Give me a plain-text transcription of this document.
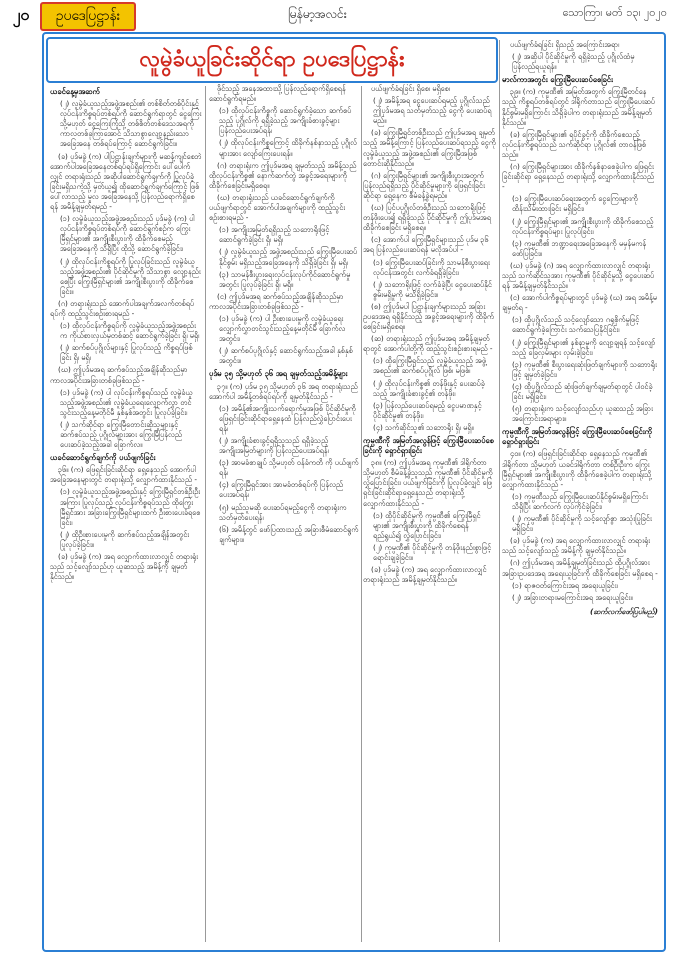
၂၀	ဥပဒေပြဋ္ဌာန်း	မြန်မာ့အလင်း	သောကြာ၊ မတ် ၁၃၊ ၂၀၂၀
လူမွဲခံယူခြင်းဆိုင်ရာ ဥပဒေပြဋ္ဌာန်း
ယခင်နေ့မှအဆက်
(၂) လူမွဲခံယူသည့်အဖွဲ့အစည်း၏ တစ်စိတ်တစ်ပိုင်းနှင့် လုပ်ငန်းကိစ္စရပ်တစ်ရပ်ကို ဆောင်ရွက်ရာတွင် ငွေကြေးသို့မဟုတ် ငွေကြေးကြုံသို့ တစ်စိတ်တစ်ဒေသအရကိုကာလတစ်ခုကြာအောင် သိသာစွာလျော့နည်းသော အခြေအနေ တစ်ရပ်ကြောင့် ဆောင်ရွက်ခြင်း။
(ခ) ပုဒ်မခွဲ (က) ပါပြဋ္ဌာန်းချက်များကို မဆန့်ကျင်စေဘဲ အောက်ပါအခြေအနေတစ်ရပ်ရပ်ရှိကြောင်း ပေါ်ပေါက်လျှင် တရားရုံးသည် အဆိုပါဆောင်ရွက်ချက်ကို ပြုလုပ်ခဲ့ခြင်းမရှိသကဲ့သို့ မှတ်ယူ၍ ထိုဆောင်ရွက်ချက်ကြောင့် ဖြစ်ပေါ်လာသည့် မူလ အခြေအနေသို့ ပြန်လည်ရောက်ရှိစေရန် အမိန့်ချမှတ်ရမည် -
(၁) လူမွဲခံယူသည့်အဖွဲ့အစည်းသည် ပုဒ်မခွဲ (က) ပါ လုပ်ငန်းကိစ္စရပ်တစ်ရပ်ကို ဆောင်ရွက်စဉ်က ကြွေးမြီရှင်များ၏ အကျိုးစီးပွားကို ထိခိုက်စေမည့် အခြေအနေကို သိရှိပြီး ထိုသို့ ဆောင်ရွက်ခဲ့ခြင်း၊
(၂) ထိုလုပ်ငန်းကိစ္စရပ်ကို ပြုလုပ်ခြင်းသည် လူမွဲခံယူသည့်အဖွဲ့အစည်း၏ ပိုင်ဆိုင်မှုကို သိသာစွာ လျော့နည်းစေပြီး ကြွေးမြီရှင်များ၏ အကျိုးစီးပွားကို ထိခိုက်စေခြင်း။
(ဂ) တရားရုံးသည် အောက်ပါအချက်အလက်တစ်ရပ်ရပ်ကို ထည့်သွင်းစဉ်းစားရမည် -
(၁) ထိုလုပ်ငန်းကိစ္စရပ်ကို လူမွဲခံယူသည့်အဖွဲ့အစည်းက ကိုယ်စားလှယ်မှတစ်ဆင့် ဆောင်ရွက်ခဲ့ခြင်း ရှိ၊ မရှိ၊
(၂) ဆက်စပ်ပုဂ္ဂိုလ်များနှင့် ပြုလုပ်သည့် ကိစ္စရပ်ဖြစ်ခြင်း ရှိ၊ မရှိ၊
(ဃ) ဤပုဒ်မအရ ဆက်စပ်သည့်အချိန်ဆိုသည်မှာ ကာလအပိုင်းအခြားတစ်ခုဖြစ်သည် -
(၁) ပုဒ်မခွဲ (က) ပါ လုပ်ငန်းကိစ္စရပ်သည် လူမွဲခံယူသည့်အဖွဲ့အစည်း၏ လူမွဲခံယူရေးလျှောက်လွှာ တင်သွင်းသည့်နေ့မတိုင်မီ နှစ်နှစ်အတွင်း ပြုလုပ်ခဲ့ခြင်း၊
(၂) သက်ဆိုင်ရာ ကြွေးမြီတောင်းဆိုသူများနှင့် ဆက်စပ်သည့် ပုဂ္ဂိုလ်များအား ကြွေးမြီပြန်လည်ပေးဆပ်ခဲ့သည့်အခါ ခြောက်လ။
ယခင်ဆောင်ရွက်ချက်ကို ပယ်ဖျက်ခြင်း
၃၆။ (က) ဖြေရှင်းခြင်းဆိုင်ရာ ရှေ့နေသည် အောက်ပါအခြေအနေများတွင် တရားရုံးသို့ လျှောက်ထားနိုင်သည် -
(၁) လူမွဲခံယူသည့်အဖွဲ့အစည်းနှင့် ကြွေးမြီရှင်တစ်ဦးဦးအကြား ပြုလုပ်သည့် လုပ်ငန်းကိစ္စရပ်သည် ထိုကြွေးမြီရှင်အား အခြားကြွေးမြီရှင်များထက် ဦးစားပေးခံရစေခြင်း၊
(၂) ထိုဦးစားပေးမှုကို ဆက်စပ်သည့်အချိန်အတွင်း ပြုလုပ်ခဲ့ခြင်း။
(ခ) ပုဒ်မခွဲ (က) အရ လျှောက်ထားလာလျှင် တရားရုံးသည် သင့်လျော်သည်ဟု ယူဆသည့် အမိန့်ကို ချမှတ်နိုင်သည်။
ဖိုင်သည့် အနေအထားသို့ ပြန်လည်ရောက်ရှိစေရန် ဆောင်ရွက်ရမည်။
(၁) ထိုလုပ်ငန်းကိစ္စကို ဆောင်ရွက်ခဲ့သော ဆက်စပ်သည့် ပုဂ္ဂိုလ်ကို ရရှိခဲ့သည့် အကျိုးခံစားခွင့်များ ပြန်လည်ပေးအပ်ရန်၊
(၂) ထိုလုပ်ငန်းကိစ္စကြောင့် ထိခိုက်နစ်နာသည့် ပုဂ္ဂိုလ်များအား လျော်ကြေးပေးရန်။
(ဂ) တရားရုံးက ဤပုဒ်မအရ ချမှတ်သည့် အမိန့်သည် ထိုလုပ်ငန်းကိစ္စ၏ နောက်ဆက်တွဲ အခွင့်အရေးများကို ထိခိုက်စေခြင်းမရှိစေရ။
(ဃ) တရားရုံးသည် ယခင်ဆောင်ရွက်ချက်ကို ပယ်ဖျက်ရာတွင် အောက်ပါအချက်များကို ထည့်သွင်းစဉ်းစားရမည် -
(၁) အကျိုးအမြတ်ရရှိသည့် သဘောရိုးဖြင့် ဆောင်ရွက်ခဲ့ခြင်း ရှိ၊ မရှိ၊
(၂) လူမွဲခံယူသည့် အဖွဲ့အစည်းသည် ကြွေးမြီပေးဆပ်နိုင်စွမ်း မရှိသည့်အခြေအနေကို သိရှိခဲ့ခြင်း ရှိ၊ မရှိ၊
(၃) သာမန်စီးပွားရေးလုပ်ငန်းလုပ်ကိုင်ဆောင်ရွက်မှုအတွင်း ပြုလုပ်ခဲ့ခြင်း ရှိ၊ မရှိ။
(င) ဤပုဒ်မအရ ဆက်စပ်သည့်အချိန်ဆိုသည်မှာ ကာလအပိုင်းအခြားတစ်ခုဖြစ်သည် -
(၁) ပုဒ်မခွဲ (က) ပါ ဦးစားပေးမှုကို လူမွဲခံယူရေးလျှောက်လွှာတင်သွင်းသည့်နေ့မတိုင်မီ ခြောက်လအတွင်း၊
(၂) ဆက်စပ်ပုဂ္ဂိုလ်နှင့် ဆောင်ရွက်သည့်အခါ နှစ်နှစ်အတွင်း။
ပုဒ်မ ၃၅ သို့မဟုတ် ၃၆ အရ ချမှတ်သည့်အမိန့်များ
၃၇။ (က) ပုဒ်မ ၃၅ သို့မဟုတ် ၃၆ အရ တရားရုံးသည် အောက်ပါ အမိန့်တစ်ရပ်ရပ်ကို ချမှတ်နိုင်သည် -
(၁) အမိန့်၏အကျိုးသက်ရောက်မှုအဖြစ် ပိုင်ဆိုင်မှုကို ဖြေရှင်းခြင်းဆိုင်ရာရှေ့နေထံ ပြန်လည်လွှဲပြောင်းပေးရန်၊
(၂) အကျိုးခံစားခွင့်ရရှိသူသည် ရရှိခဲ့သည့် အကျိုးအမြတ်များကို ပြန်လည်ပေးအပ်ရန်၊
(၃) အာမခံစာချုပ် သို့မဟုတ် ဝန်ခံကတိ ကို ပယ်ဖျက်ရန်၊
(၄) ကြွေးမြီရှင်အား အာမခံတစ်ရပ်ကို ပြန်လည်ပေးအပ်ရန်၊
(၅) မည်သူမဆို ပေးဆပ်ရမည့်ငွေကို တရားရုံးက သတ်မှတ်ပေးရန်၊
(၆) အမိန့်တွင် ဖော်ပြထားသည့် အခြားစီမံဆောင်ရွက်ချက်များ။
ပယ်ဖျက်ခံရခြင်း ရှိစေ၊ မရှိစေ၊
(၂) အမိန့်အရ ငွေပေးဆပ်ရမည့် ပုဂ္ဂိုလ်သည် ဤပုဒ်မအရ သတ်မှတ်သည့် ငွေကို ပေးဆပ်ရမည်။
(ခ) ကြွေးမြီရှင်တစ်ဦးသည် ဤပုဒ်မအရ ချမှတ်သည့် အမိန့်ကြောင့် ပြန်လည်ပေးဆပ်ရသည့် ငွေကို လူမွဲခံယူသည့် အဖွဲ့အစည်း၏ ကြွေးမြီအဖြစ် တောင်းဆိုနိုင်သည်။
(ဂ) ကြွေးမြီရှင်များ၏ အကျိုးစီးပွားအတွက် ပြန်လည်ရရှိသည့် ပိုင်ဆိုင်မှုများကို ဖြေရှင်းခြင်းဆိုင်ရာ ရှေ့နေက စီမံခန့်ခွဲရမည်။
(ဃ) ပြင်ပပုဂ္ဂိုလ်တစ်ဦးသည် သဘောရိုးဖြင့် တန်ဖိုးပေး၍ ရရှိခဲ့သည့် ပိုင်ဆိုင်မှုကို ဤပုဒ်မအရ ထိခိုက်စေခြင်း မရှိစေရ။
(င) အောက်ပါ ကြွေးမြီရှင်များသည် ပုဒ်မ ၃၆ အရ ပြန်လည်ပေးဆပ်ရန် မလိုအပ်ပါ -
(၁) ကြွေးမြီပေးဆပ်ခြင်းကို သာမန်စီးပွားရေးလုပ်ငန်းအတွင်း လက်ခံရရှိခဲ့ခြင်း၊
(၂) သဘောရိုးဖြင့် လက်ခံခဲ့ပြီး ငွေပေးဆပ်နိုင်စွမ်းမရှိမှုကို မသိရှိခဲ့ခြင်း။
(စ) ဤပုဒ်မပါ ပြဋ္ဌာန်းချက်များသည် အခြားဥပဒေအရ ရရှိနိုင်သည့် အခွင့်အရေးများကို ထိခိုက်စေခြင်းမရှိစေရ။
(ဆ) တရားရုံးသည် ဤပုဒ်မအရ အမိန့်ချမှတ်ရာတွင် အောက်ပါတို့ကို ထည့်သွင်းစဉ်းစားရမည် -
(၁) ထိုကြွေးမြီရှင်သည် လူမွဲခံယူသည့် အဖွဲ့အစည်း၏ ဆက်စပ်ပုဂ္ဂိုလ် ဖြစ်၊ မဖြစ်၊
(၂) ထိုလုပ်ငန်းကိစ္စ၏ တန်ဖိုးနှင့် ပေးဆပ်ခဲ့သည့် အကျိုးခံစားခွင့်၏ တန်ဖိုး၊
(၃) ပြန်လည်ပေးဆပ်ရမည့် ငွေပမာဏနှင့် ပိုင်ဆိုင်မှု၏ တန်ဖိုး၊
(၄) သက်ဆိုင်သူ၏ သဘောရိုး ရှိ၊ မရှိ။
ကုမ္ပဏီကို အမြတ်အလွန်ဖြင့် ကြွေးမြီပေးဆပ်စေခြင်းကို ရှောင်ရှားခြင်း
၃၈။ (က) ဤပုဒ်မအရ ကုမ္ပဏီ၏ ဒါရိုက်တာ သို့မဟုတ် စီမံခန့်ခွဲသူသည် ကုမ္ပဏီ၏ ပိုင်ဆိုင်မှုကို လွှဲပြောင်းခြင်း၊ ပယ်ဖျက်ခြင်းကို ပြုလုပ်ခဲ့လျှင် ဖြေရှင်းခြင်းဆိုင်ရာရှေ့နေသည် တရားရုံးသို့ လျှောက်ထားနိုင်သည် -
(၁) ထိုပိုင်ဆိုင်မှုကို ကုမ္ပဏီ၏ ကြွေးမြီရှင်များ၏ အကျိုးစီးပွားကို ထိခိုက်စေရန် ရည်ရွယ်၍ လွှဲပြောင်းခြင်း၊
(၂) ကုမ္ပဏီ၏ ပိုင်ဆိုင်မှုကို တန်ဖိုးနည်းစွာဖြင့် ရောင်းချခဲ့ခြင်း။
(ခ) ပုဒ်မခွဲ (က) အရ လျှောက်ထားလာလျှင် တရားရုံးသည် အမိန့်ချမှတ်နိုင်သည်။
ပယ်ဖျက်ခံရခြင်း ရှိသည့် အကြောင်းအရာ၊
(၂) အဆိုပါ ပိုင်ဆိုင်မှုကို ရရှိခဲ့သည့် ပုဂ္ဂိုလ်ထံမှ ပြန်လည်ရယူရန်။
မာလ်ကာအတွင်း ကြွေးမြီပေးဆပ်စေခြင်း
၃၉။ (က) ကုမ္ပဏီ၏ အမြတ်အတွက် ကြွေးမြီတင်နေသည့် ကိစ္စရပ်တစ်ရပ်တွင် ဒါရိုက်တာသည် ကြွေးမြီပေးဆပ်နိုင်စွမ်းမရှိကြောင်း သိရှိခဲ့ပါက တရားရုံးသည် အမိန့်ချမှတ်နိုင်သည်။
(ခ) ကြွေးမြီရှင်များ၏ ရပိုင်ခွင့်ကို ထိခိုက်စေသည့် လုပ်ငန်းကိစ္စရပ်သည် သက်ဆိုင်ရာ ပုဂ္ဂိုလ်၏ တာဝန်ဖြစ်သည်။
(ဂ) ကြွေးမြီရှင်များအား ထိခိုက်နစ်နာစေခဲ့ပါက ဖြေရှင်းခြင်းဆိုင်ရာ ရှေ့နေသည် တရားရုံးသို့ လျှောက်ထားနိုင်သည် -
(၁) ကြွေးမြီပေးဆပ်ရေးအတွက် ငွေကြေးများကို ထိန်းသိမ်းထားခြင်း မရှိခြင်း၊
(၂) ကြွေးမြီရှင်များ၏ အကျိုးစီးပွားကို ထိခိုက်စေသည့် လုပ်ငန်းကိစ္စရပ်များ ပြုလုပ်ခြင်း၊
(၃) ကုမ္ပဏီ၏ ဘဏ္ဍာရေးအခြေအနေကို မမှန်မကန် ဖော်ပြခြင်း။
(ဃ) ပုဒ်မခွဲ (ဂ) အရ လျှောက်ထားလာလျှင် တရားရုံးသည် သက်ဆိုင်သူအား ကုမ္ပဏီ၏ ပိုင်ဆိုင်မှုသို့ ငွေပေးဆပ်ရန် အမိန့်ချမှတ်နိုင်သည်။
(င) အောက်ပါကိစ္စရပ်များတွင် ပုဒ်မခွဲ (ဃ) အရ အမိန့်မချမှတ်ရ -
(၁) ထိုပုဂ္ဂိုလ်သည် သင့်လျော်သော ဂရုစိုက်မှုဖြင့် ဆောင်ရွက်ခဲ့ကြောင်း သက်သေပြနိုင်ခြင်း၊
(၂) ကြွေးမြီရှင်များ၏ နစ်နာမှုကို လျော့ချရန် သင့်လျော်သည့် ခြေလှမ်းများ လှမ်းခဲ့ခြင်း၊
(၃) ကုမ္ပဏီ၏ စီးပွားရေးဆုံးဖြတ်ချက်များကို သဘောရိုးဖြင့် ချမှတ်ခဲ့ခြင်း၊
(၄) ထိုပုဂ္ဂိုလ်သည် ဆုံးဖြတ်ချက်ချမှတ်ရာတွင် ပါဝင်ခဲ့ခြင်း မရှိခြင်း၊
(၅) တရားရုံးက သင့်လျော်သည်ဟု ယူဆသည့် အခြားအကြောင်းအရာများ။
ကုမ္ပဏီကို အမြတ်အလွန်ဖြင့် ကြွေးမြီပေးဆပ်စေခြင်းကို ရှောင်ရှားခြင်း
၄၀။ (က) ဖြေရှင်းခြင်းဆိုင်ရာ ရှေ့နေသည် ကုမ္ပဏီ၏ ဒါရိုက်တာ သို့မဟုတ် ယခင်ဒါရိုက်တာ တစ်ဦးဦးက ကြွေးမြီရှင်များ၏ အကျိုးစီးပွားကို ထိခိုက်စေခဲ့ပါက တရားရုံးသို့ လျှောက်ထားနိုင်သည် -
(၁) ကုမ္ပဏီသည် ကြွေးမြီပေးဆပ်နိုင်စွမ်းမရှိကြောင်း သိရှိပြီး ဆက်လက် လုပ်ကိုင်ခဲ့ခြင်း၊
(၂) ကုမ္ပဏီ၏ ပိုင်ဆိုင်မှုကို သင့်လျော်စွာ အသုံးပြုခြင်း မရှိခြင်း၊
(ခ) ပုဒ်မခွဲ (က) အရ လျှောက်ထားလာလျှင် တရားရုံးသည် သင့်လျော်သည့် အမိန့်ကို ချမှတ်နိုင်သည်။
(ဂ) ဤပုဒ်မအရ အမိန့်ချမှတ်ခြင်းသည် ထိုပုဂ္ဂိုလ်အား အခြားဥပဒေအရ အရေးယူခြင်းကို ထိခိုက်စေခြင်း မရှိစေရ -
(၁) ရာဇဝတ်ကြောင်းအရ အရေးယူခြင်း၊
(၂) အခြားတရားမကြောင်းအရ အရေးယူခြင်း။
(ဆက်လက်ဖော်ပြပါမည်)
